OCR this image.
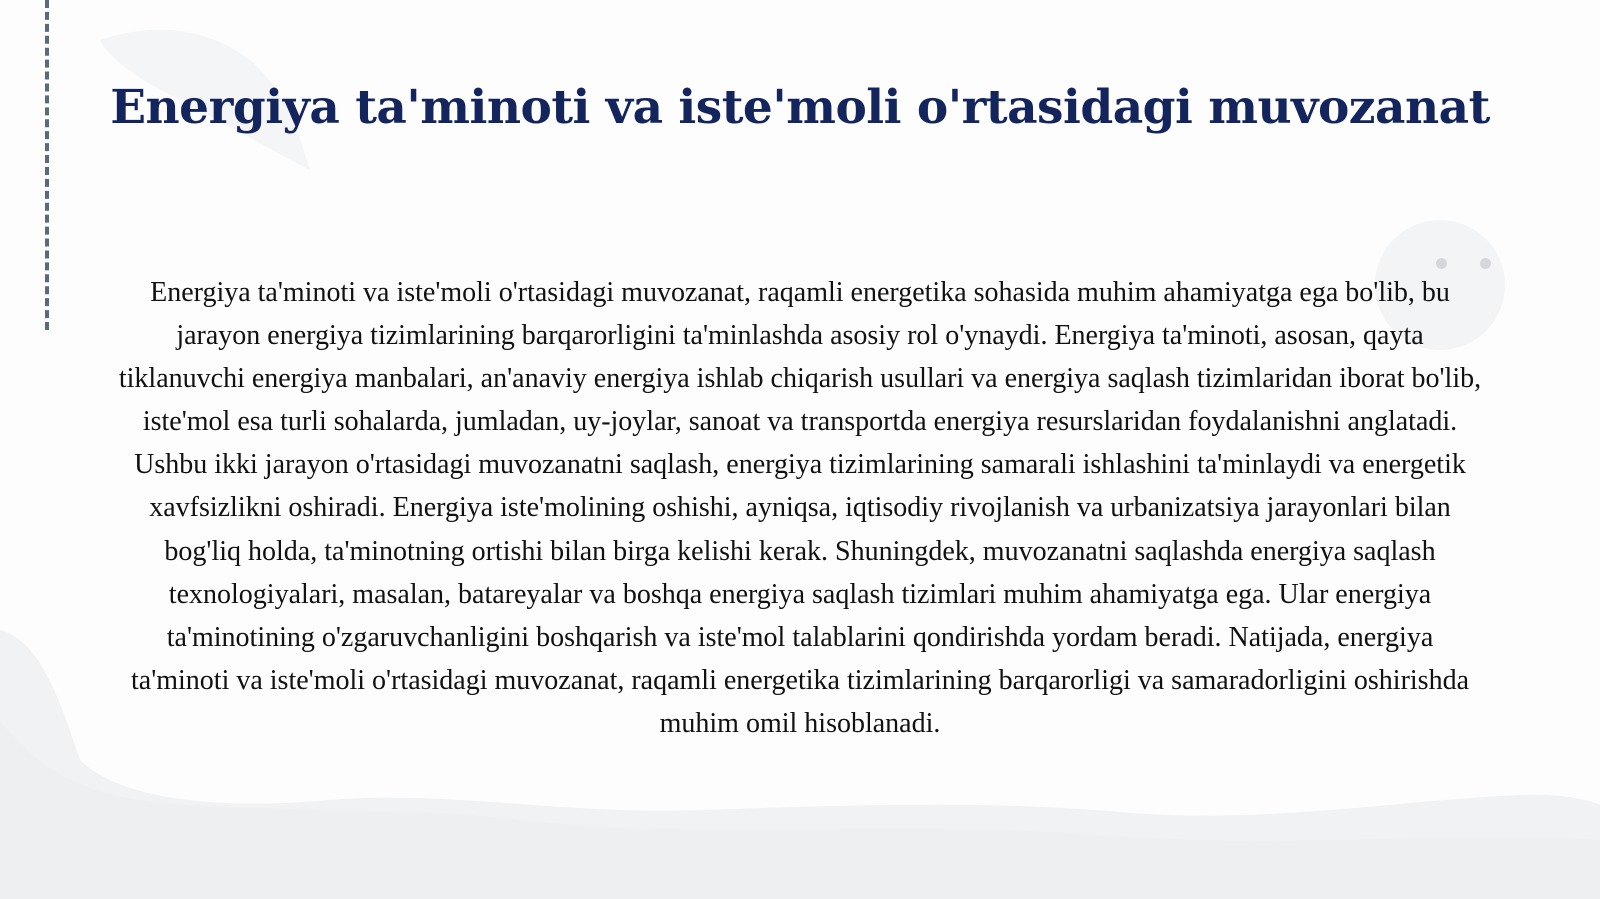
Energiya ta'minoti va iste'moli o'rtasidagi muvozanat

Energiya ta'minoti va iste'moli o'rtasidagi muvozanat, raqamli energetika sohasida muhim ahamiyatga ega bo'lib, bu jarayon energiya tizimlarining barqarorligini ta'minlashda asosiy rol o'ynaydi. Energiya ta'minoti, asosan, qayta tiklanuvchi energiya manbalari, an'anaviy energiya ishlab chiqarish usullari va energiya saqlash tizimlaridan iborat bo'lib, iste'mol esa turli sohalarda, jumladan, uy-joylar, sanoat va transportda energiya resurslaridan foydalanishni anglatadi. Ushbu ikki jarayon o'rtasidagi muvozanatni saqlash, energiya tizimlarining samarali ishlashini ta'minlaydi va energetik xavfsizlikni oshiradi. Energiya iste'molining oshishi, ayniqsa, iqtisodiy rivojlanish va urbanizatsiya jarayonlari bilan bog'liq holda, ta'minotning ortishi bilan birga kelishi kerak. Shuningdek, muvozanatni saqlashda energiya saqlash texnologiyalari, masalan, batareyalar va boshqa energiya saqlash tizimlari muhim ahamiyatga ega. Ular energiya ta'minotining o'zgaruvchanligini boshqarish va iste'mol talablarini qondirishda yordam beradi. Natijada, energiya ta'minoti va iste'moli o'rtasidagi muvozanat, raqamli energetika tizimlarining barqarorligi va samaradorligini oshirishda muhim omil hisoblanadi.
